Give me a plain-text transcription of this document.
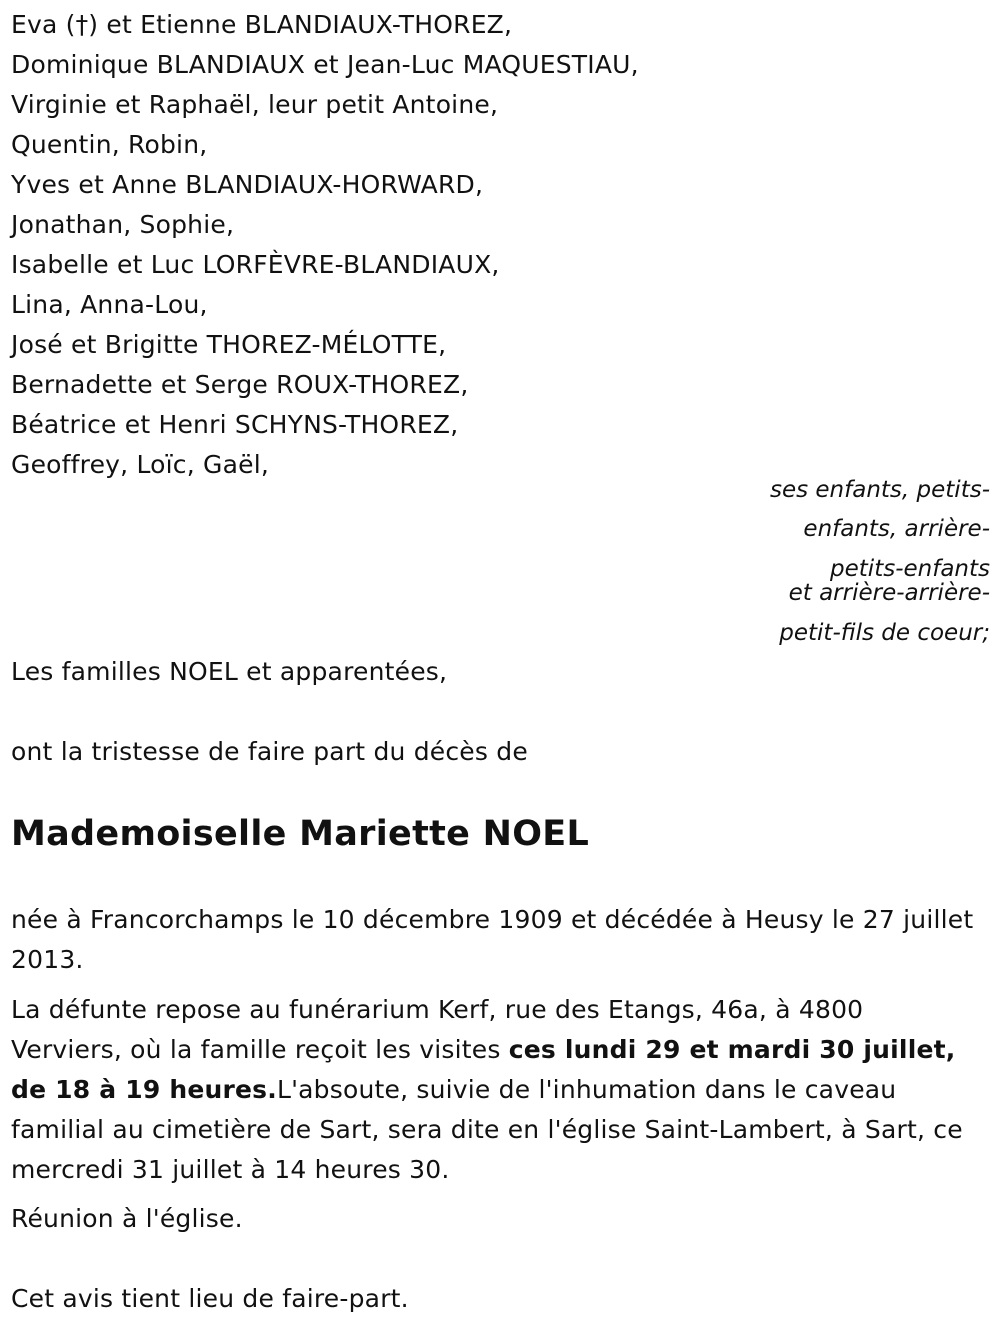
Eva (†) et Etienne BLANDIAUX-THOREZ,
Dominique BLANDIAUX et Jean-Luc MAQUESTIAU,
Virginie et Raphaël, leur petit Antoine,
Quentin, Robin,
Yves et Anne BLANDIAUX-HORWARD,
Jonathan, Sophie,
Isabelle et Luc LORFÈVRE-BLANDIAUX,
Lina, Anna-Lou,
José et Brigitte THOREZ-MÉLOTTE,
Bernadette et Serge ROUX-THOREZ,
Béatrice et Henri SCHYNS-THOREZ,
Geoffrey, Loïc, Gaël,
ses enfants, petits-
enfants, arrière-
petits-enfants
et arrière-arrière-
petit-fils de coeur;
Les familles NOEL et apparentées,
ont la tristesse de faire part du décès de
Mademoiselle Mariette NOEL
née à Francorchamps le 10 décembre 1909 et décédée à Heusy le 27 juillet 2013.
La défunte repose au funérarium Kerf, rue des Etangs, 46a, à 4800 Verviers, où la famille reçoit les visites ces lundi 29 et mardi 30 juillet, de 18 à 19 heures.L'absoute, suivie de l'inhumation dans le caveau familial au cimetière de Sart, sera dite en l'église Saint-Lambert, à Sart, ce mercredi 31 juillet à 14 heures 30.
Réunion à l'église.
Cet avis tient lieu de faire-part.
